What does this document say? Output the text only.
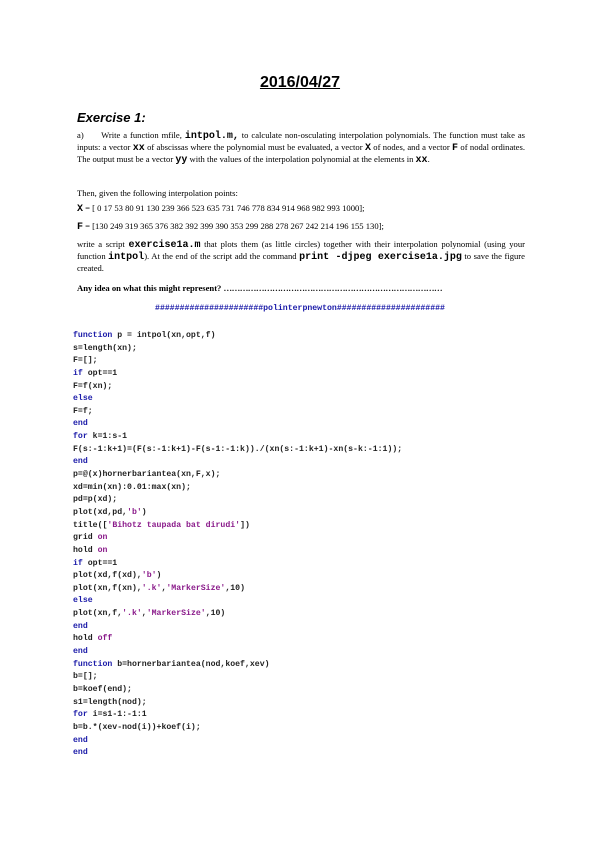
2016/04/27
Exercise 1:
a) Write a function mfile, intpol.m, to calculate non-osculating interpolation polynomials. The function must take as inputs: a vector xx of abscissas where the polynomial must be evaluated, a vector X of nodes, and a vector F of nodal ordinates. The output must be a vector yy with the values of the interpolation polynomial at the elements in xx.
Then, given the following interpolation points:
X = [ 0 17 53 80 91 130 239 366 523 635 731 746 778 834 914 968 982 993 1000];
F = [130 249 319 365 376 382 392 399 390 353 299 288 278 267 242 214 196 155 130];
write a script exercise1a.m that plots them (as little circles) together with their interpolation polynomial (using your function intpol). At the end of the script add the command print -djpeg exercise1a.jpg to save the figure created.
Any idea on what this might represent? ………………………………………………………………………
######################polinterpnewton######################
function p = intpol(xn,opt,f)
s=length(xn);
F=[];
if opt==1
F=f(xn);
else
F=f;
end
for k=1:s-1
F(s:-1:k+1)=(F(s:-1:k+1)-F(s-1:-1:k))./(xn(s:-1:k+1)-xn(s-k:-1:1));
end
p=@(x)hornerbariantea(xn,F,x);
xd=min(xn):0.01:max(xn);
pd=p(xd);
plot(xd,pd,'b')
title(['Bihotz taupada bat dirudi'])
grid on
hold on
if opt==1
plot(xd,f(xd),'b')
plot(xn,f(xn),'.k','MarkerSize',10)
else
plot(xn,f,'.k','MarkerSize',10)
end
hold off
end
function b=hornerbariantea(nod,koef,xev)
b=[];
b=koef(end);
s1=length(nod);
for i=s1-1:-1:1
b=b.*(xev-nod(i))+koef(i);
end
end
